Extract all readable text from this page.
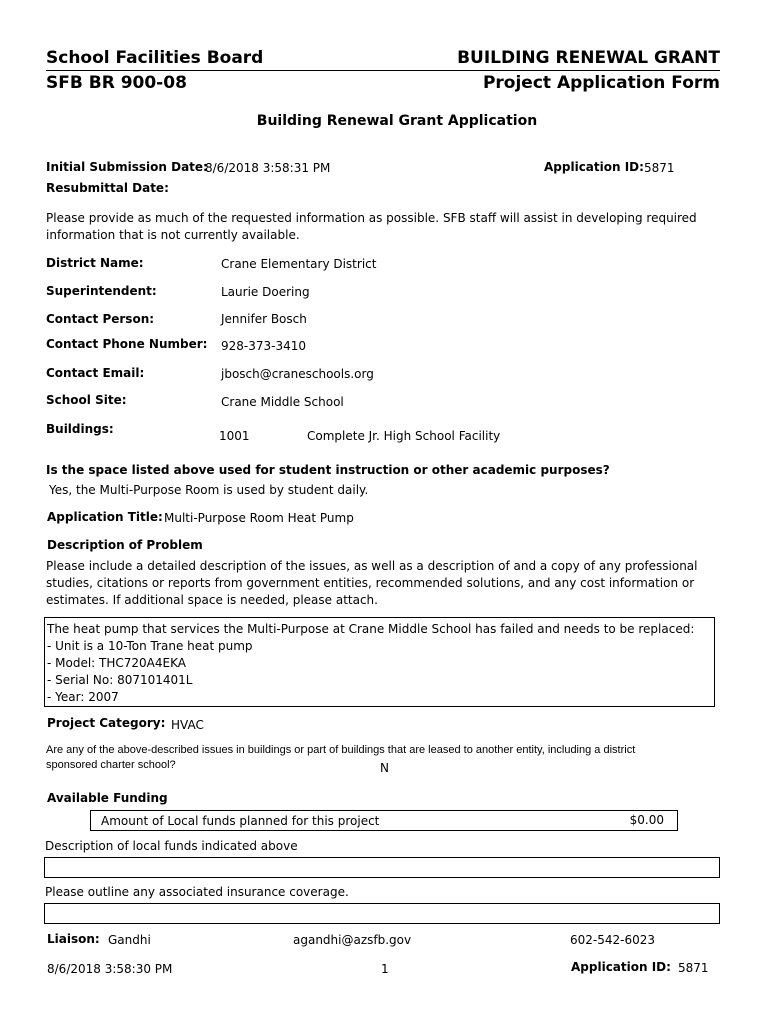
School Facilities Board
SFB BR 900-08
BUILDING RENEWAL GRANT
Project Application Form
Building Renewal Grant Application
Initial Submission Date:
8/6/2018 3:58:31 PM
Resubmittal Date:
Application ID: 5871
Please provide as much of the requested information as possible. SFB staff will assist in developing required information that is not currently available.
District Name:	Crane Elementary District
Superintendent:	Laurie Doering
Contact Person:	Jennifer Bosch
Contact Phone Number: 928-373-3410
Contact Email:	jbosch@craneschools.org
School Site:	Crane Middle School
Buildings:	1001	Complete Jr. High School Facility
Is the space listed above used for student instruction or other academic purposes?
Yes, the Multi-Purpose Room is used by student daily.
Application Title: Multi-Purpose Room Heat Pump
Description of Problem
Please include a detailed description of the issues, as well as a description of and a copy of any professional studies, citations or reports from government entities, recommended solutions, and any cost information or estimates. If additional space is needed, please attach.
The heat pump that services the Multi-Purpose at Crane Middle School has failed and needs to be replaced:
- Unit is a 10-Ton Trane heat pump
- Model: THC720A4EKA
- Serial No: 807101401L
- Year: 2007
Project Category: HVAC
Are any of the above-described issues in buildings or part of buildings that are leased to another entity, including a district sponsored charter school?	N
Available Funding
Amount of Local funds planned for this project	$0.00
Description of local funds indicated above
Please outline any associated insurance coverage.
Liaison: Gandhi	agandhi@azsfb.gov	602-542-6023
8/6/2018 3:58:30 PM	1	Application ID: 5871
